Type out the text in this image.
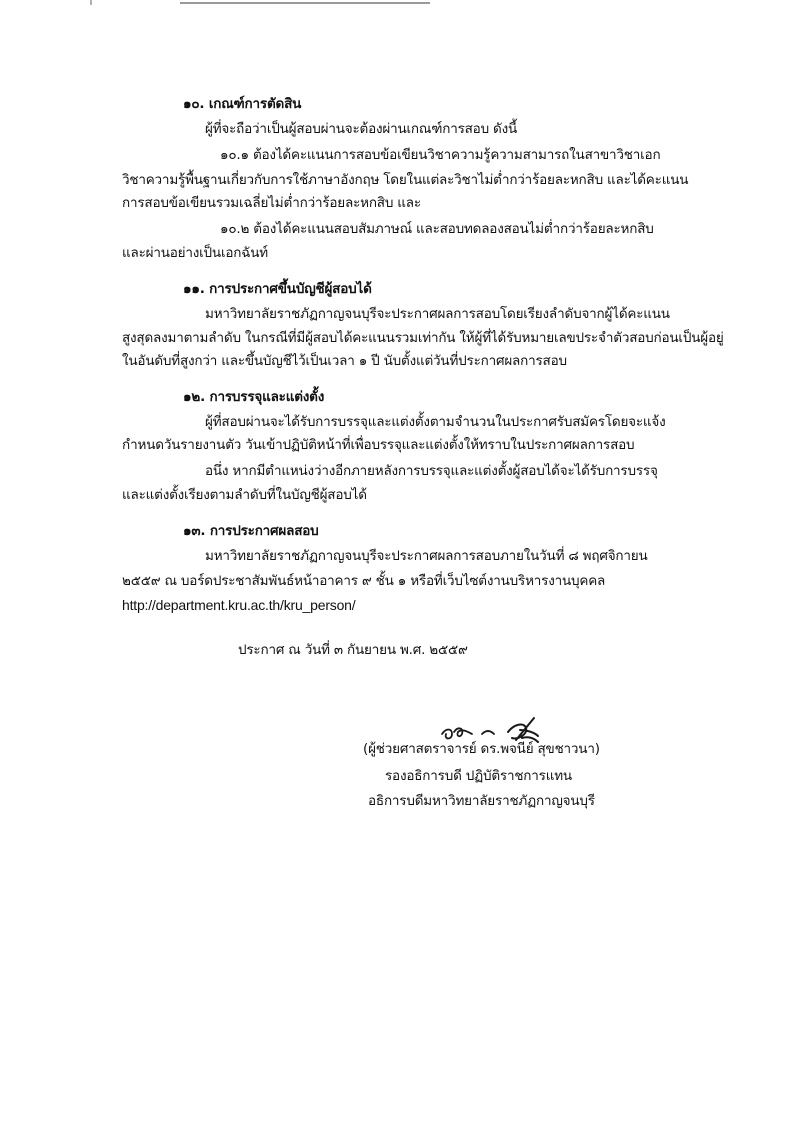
๑๐. เกณฑ์การตัดสิน

ผู้ที่จะถือว่าเป็นผู้สอบผ่านจะต้องผ่านเกณฑ์การสอบ ดังนี้

๑๐.๑ ต้องได้คะแนนการสอบข้อเขียนวิชาความรู้ความสามารถในสาขาวิชาเอก

วิชาความรู้พื้นฐานเกี่ยวกับการใช้ภาษาอังกฤษ โดยในแต่ละวิชาไม่ต่ำกว่าร้อยละหกสิบ และได้คะแนน

การสอบข้อเขียนรวมเฉลี่ยไม่ต่ำกว่าร้อยละหกสิบ และ

๑๐.๒ ต้องได้คะแนนสอบสัมภาษณ์ และสอบทดลองสอนไม่ต่ำกว่าร้อยละหกสิบ

และผ่านอย่างเป็นเอกฉันท์

๑๑. การประกาศขึ้นบัญชีผู้สอบได้

มหาวิทยาลัยราชภัฏกาญจนบุรีจะประกาศผลการสอบโดยเรียงลำดับจากผู้ได้คะแนน

สูงสุดลงมาตามลำดับ ในกรณีที่มีผู้สอบได้คะแนนรวมเท่ากัน ให้ผู้ที่ได้รับหมายเลขประจำตัวสอบก่อนเป็นผู้อยู่

ในอันดับที่สูงกว่า และขึ้นบัญชีไว้เป็นเวลา ๑ ปี นับตั้งแต่วันที่ประกาศผลการสอบ

๑๒. การบรรจุและแต่งตั้ง

ผู้ที่สอบผ่านจะได้รับการบรรจุและแต่งตั้งตามจำนวนในประกาศรับสมัครโดยจะแจ้ง

กำหนดวันรายงานตัว วันเข้าปฏิบัติหน้าที่เพื่อบรรจุและแต่งตั้งให้ทราบในประกาศผลการสอบ

อนึ่ง หากมีตำแหน่งว่างอีกภายหลังการบรรจุและแต่งตั้งผู้สอบได้จะได้รับการบรรจุ

และแต่งตั้งเรียงตามลำดับที่ในบัญชีผู้สอบได้

๑๓. การประกาศผลสอบ

มหาวิทยาลัยราชภัฏกาญจนบุรีจะประกาศผลการสอบภายในวันที่ ๘ พฤศจิกายน

๒๕๕๙ ณ บอร์ดประชาสัมพันธ์หน้าอาคาร ๙ ชั้น ๑ หรือที่เว็บไซต์งานบริหารงานบุคคล

http://department.kru.ac.th/kru_person/

ประกาศ ณ วันที่ ๓ กันยายน พ.ศ. ๒๕๕๙

(ผู้ช่วยศาสตราจารย์ ดร.พจนีย์ สุขชาวนา)

รองอธิการบดี ปฏิบัติราชการแทน

อธิการบดีมหาวิทยาลัยราชภัฏกาญจนบุรี
